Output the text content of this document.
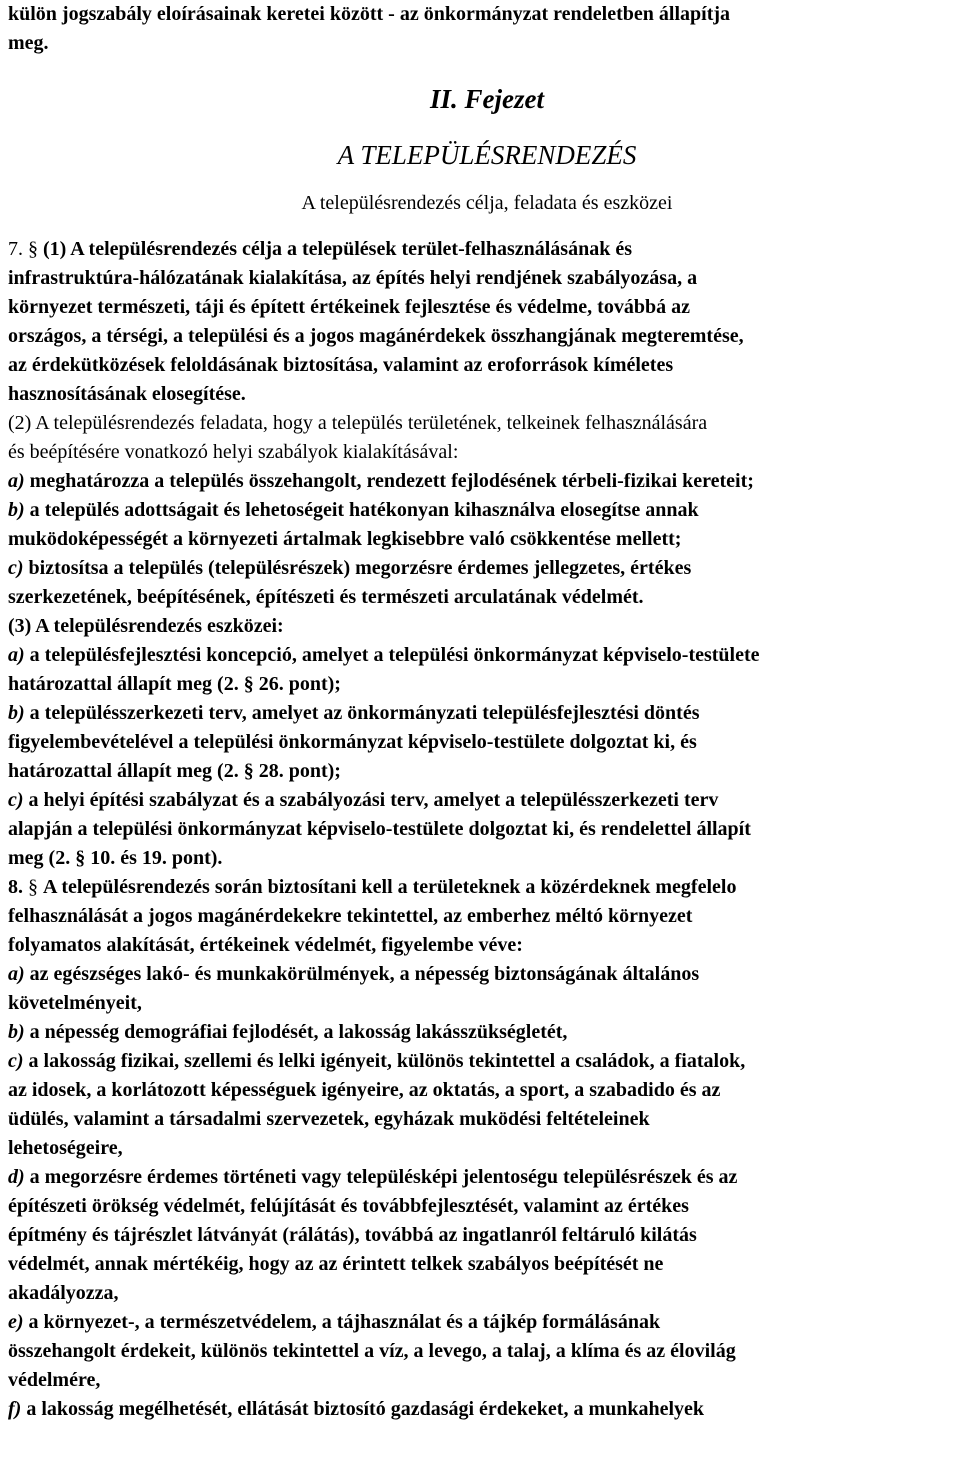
külön jogszabály eloírásainak keretei között - az önkormányzat rendeletben állapítja
meg.
II. Fejezet
A TELEPÜLÉSRENDEZÉS
A településrendezés célja, feladata és eszközei
7. § (1) A településrendezés célja a települések terület-felhasználásának és
infrastruktúra-hálózatának kialakítása, az építés helyi rendjének szabályozása, a
környezet természeti, táji és épített értékeinek fejlesztése és védelme, továbbá az
országos, a térségi, a települési és a jogos magánérdekek összhangjának megteremtése,
az érdekütközések feloldásának biztosítása, valamint az eroforrások kíméletes
hasznosításának elosegítése.
(2) A településrendezés feladata, hogy a település területének, telkeinek felhasználására
és beépítésére vonatkozó helyi szabályok kialakításával:
a) meghatározza a település összehangolt, rendezett fejlodésének térbeli-fizikai kereteit;
b) a település adottságait és lehetoségeit hatékonyan kihasználva elosegítse annak
muködoképességét a környezeti ártalmak legkisebbre való csökkentése mellett;
c) biztosítsa a település (településrészek) megorzésre érdemes jellegzetes, értékes
szerkezetének, beépítésének, építészeti és természeti arculatának védelmét.
(3) A településrendezés eszközei:
a) a településfejlesztési koncepció, amelyet a települési önkormányzat képviselo-testülete
határozattal állapít meg (2. § 26. pont);
b) a településszerkezeti terv, amelyet az önkormányzati településfejlesztési döntés
figyelembevételével a települési önkormányzat képviselo-testülete dolgoztat ki, és
határozattal állapít meg (2. § 28. pont);
c) a helyi építési szabályzat és a szabályozási terv, amelyet a településszerkezeti terv
alapján a települési önkormányzat képviselo-testülete dolgoztat ki, és rendelettel állapít
meg (2. § 10. és 19. pont).
8. § A településrendezés során biztosítani kell a területeknek a közérdeknek megfelelo
felhasználását a jogos magánérdekekre tekintettel, az emberhez méltó környezet
folyamatos alakítását, értékeinek védelmét, figyelembe véve:
a) az egészséges lakó- és munkakörülmények, a népesség biztonságának általános
követelményeit,
b) a népesség demográfiai fejlodését, a lakosság lakásszükségletét,
c) a lakosság fizikai, szellemi és lelki igényeit, különös tekintettel a családok, a fiatalok,
az idosek, a korlátozott képességuek igényeire, az oktatás, a sport, a szabadido és az
üdülés, valamint a társadalmi szervezetek, egyházak muködési feltételeinek
lehetoségeire,
d) a megorzésre érdemes történeti vagy településképi jelentoségu településrészek és az
építészeti örökség védelmét, felújítását és továbbfejlesztését, valamint az értékes
építmény és tájrészlet látványát (rálátás), továbbá az ingatlanról feltáruló kilátás
védelmét, annak mértékéig, hogy az az érintett telkek szabályos beépítését ne
akadályozza,
e) a környezet-, a természetvédelem, a tájhasználat és a tájkép formálásának
összehangolt érdekeit, különös tekintettel a víz, a levego, a talaj, a klíma és az élovilág
védelmére,
f) a lakosság megélhetését, ellátását biztosító gazdasági érdekeket, a munkahelyek
